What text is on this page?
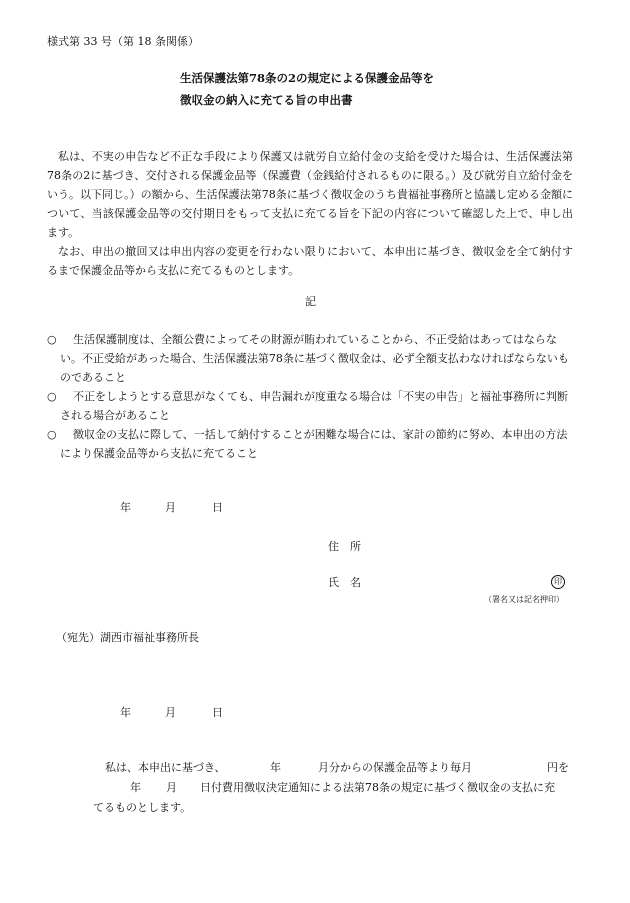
様式第 33 号（第 18 条関係）
生活保護法第78条の2の規定による保護金品等を
徴収金の納入に充てる旨の申出書
私は、不実の申告など不正な手段により保護又は就労自立給付金の支給を受けた場合は、生活保護法第78条の2に基づき、交付される保護金品等（保護費（金銭給付されるものに限る。）及び就労自立給付金をいう。以下同じ。）の額から、生活保護法第78条に基づく徴収金のうち貴福祉事務所と協議し定める金額について、当該保護金品等の交付期日をもって支払に充てる旨を下記の内容について確認した上で、申し出ます。
なお、申出の撤回又は申出内容の変更を行わない限りにおいて、本申出に基づき、徴収金を全て納付するまで保護金品等から支払に充てるものとします。
記
○	生活保護制度は、全額公費によってその財源が賄われていることから、不正受給はあってはならない。不正受給があった場合、生活保護法第78条に基づく徴収金は、必ず全額支払わなければならないものであること
○	不正をしようとする意思がなくても、申告漏れが度重なる場合は「不実の申告」と福祉事務所に判断される場合があること
○	徴収金の支払に際して、一括して納付することが困難な場合には、家計の節約に努め、本申出の方法により保護金品等から支払に充てること
年	月	日
住　所
氏　名	印
（署名又は記名押印）
（宛先）湖西市福祉事務所長
年	月	日
私は、本申出に基づき、	年	月分からの保護金品等より毎月	円を
年 月 日付費用徴収決定通知による法第78条の規定に基づく徴収金の支払に充
てるものとします。
